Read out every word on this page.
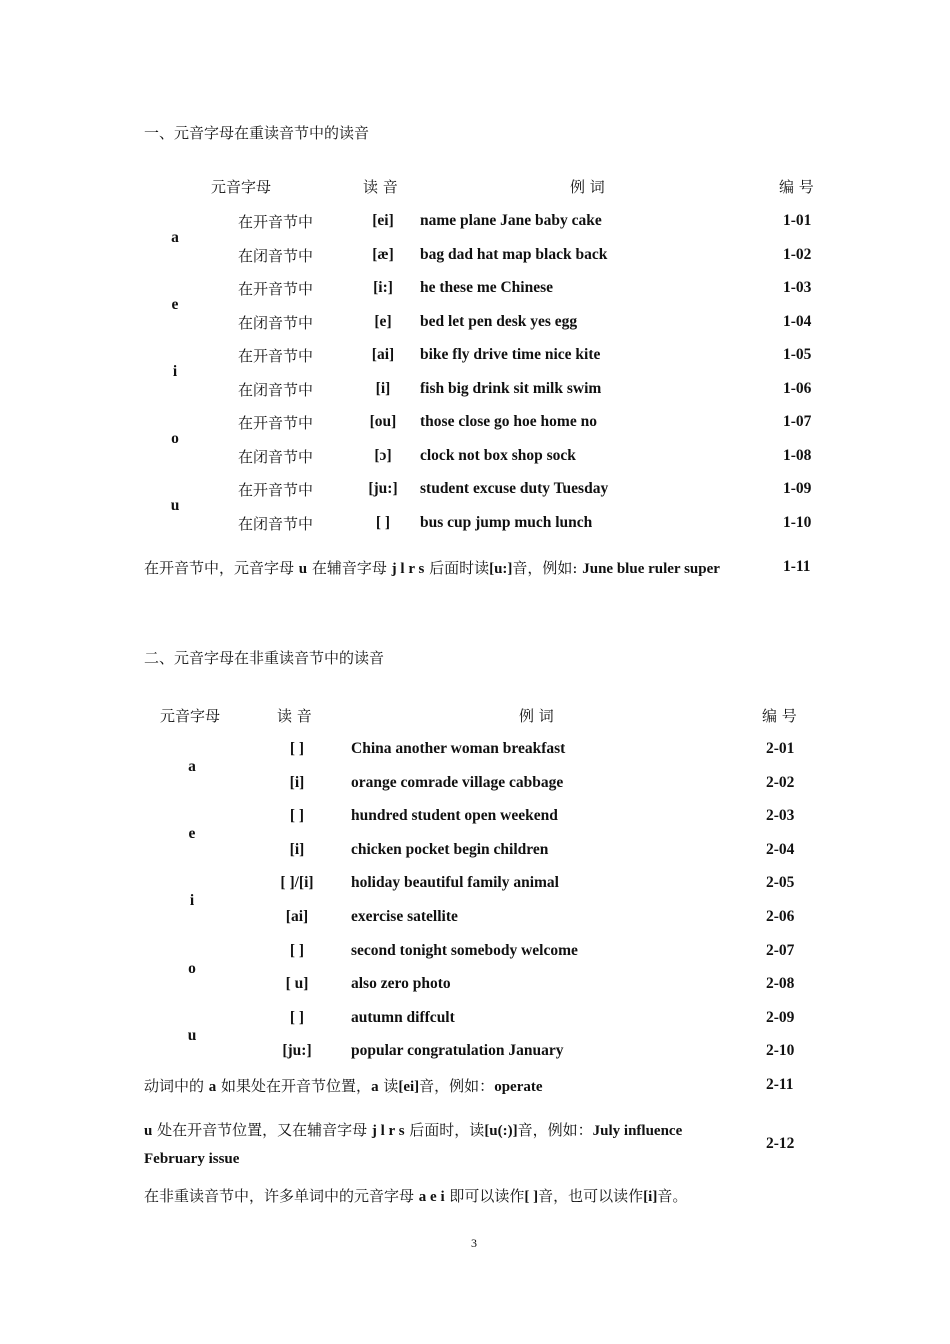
一、元音字母在重读音节中的读音
元音字母	读 音	例 词	编 号
a
在开音节中	[ei] name plane Jane baby cake	1-01
在闭音节中	[æ] bag dad hat map black back	1-02
e
在开音节中	[i:] he these me Chinese	1-03
在闭音节中	[e] bed let pen desk yes egg	1-04
i
在开音节中	[ai] bike fly drive time nice kite	1-05
在闭音节中	[i] fish big drink sit milk swim	1-06
o
在开音节中	[ou] those close go hoe home no	1-07
在闭音节中	[ɔ] clock not box shop sock	1-08
u
在开音节中	[ju:] student excuse duty Tuesday	1-09
在闭音节中	[ ] bus cup jump much lunch	1-10
在开音节中，元音字母 u 在辅音字母 j l r s 后面时读[u:]音，例如: June blue ruler super	1-11
二、元音字母在非重读音节中的读音
元音字母	读 音	例 词	编 号
a
[ ]	China another woman breakfast	2-01
[i]	orange comrade village cabbage	2-02
e
[ ]	hundred student open weekend	2-03
[i]	chicken pocket begin children	2-04
i
[ ]/[i] holiday beautiful family animal	2-05
[ai]	exercise satellite	2-06
o
[ ]	second tonight somebody welcome	2-07
[ u]	also zero photo	2-08
u
[ ]	autumn diffcult	2-09
[ju:]	popular congratulation January	2-10
动词中的 a 如果处在开音节位置，a 读[ei]音，例如：operate	2-11
u 处在开音节位置，又在辅音字母 j l r s 后面时，读[u(:)]音，例如：July influence
February issue
2-12
在非重读音节中，许多单词中的元音字母 a e i 即可以读作[ ]音，也可以读作[i]音。
3
